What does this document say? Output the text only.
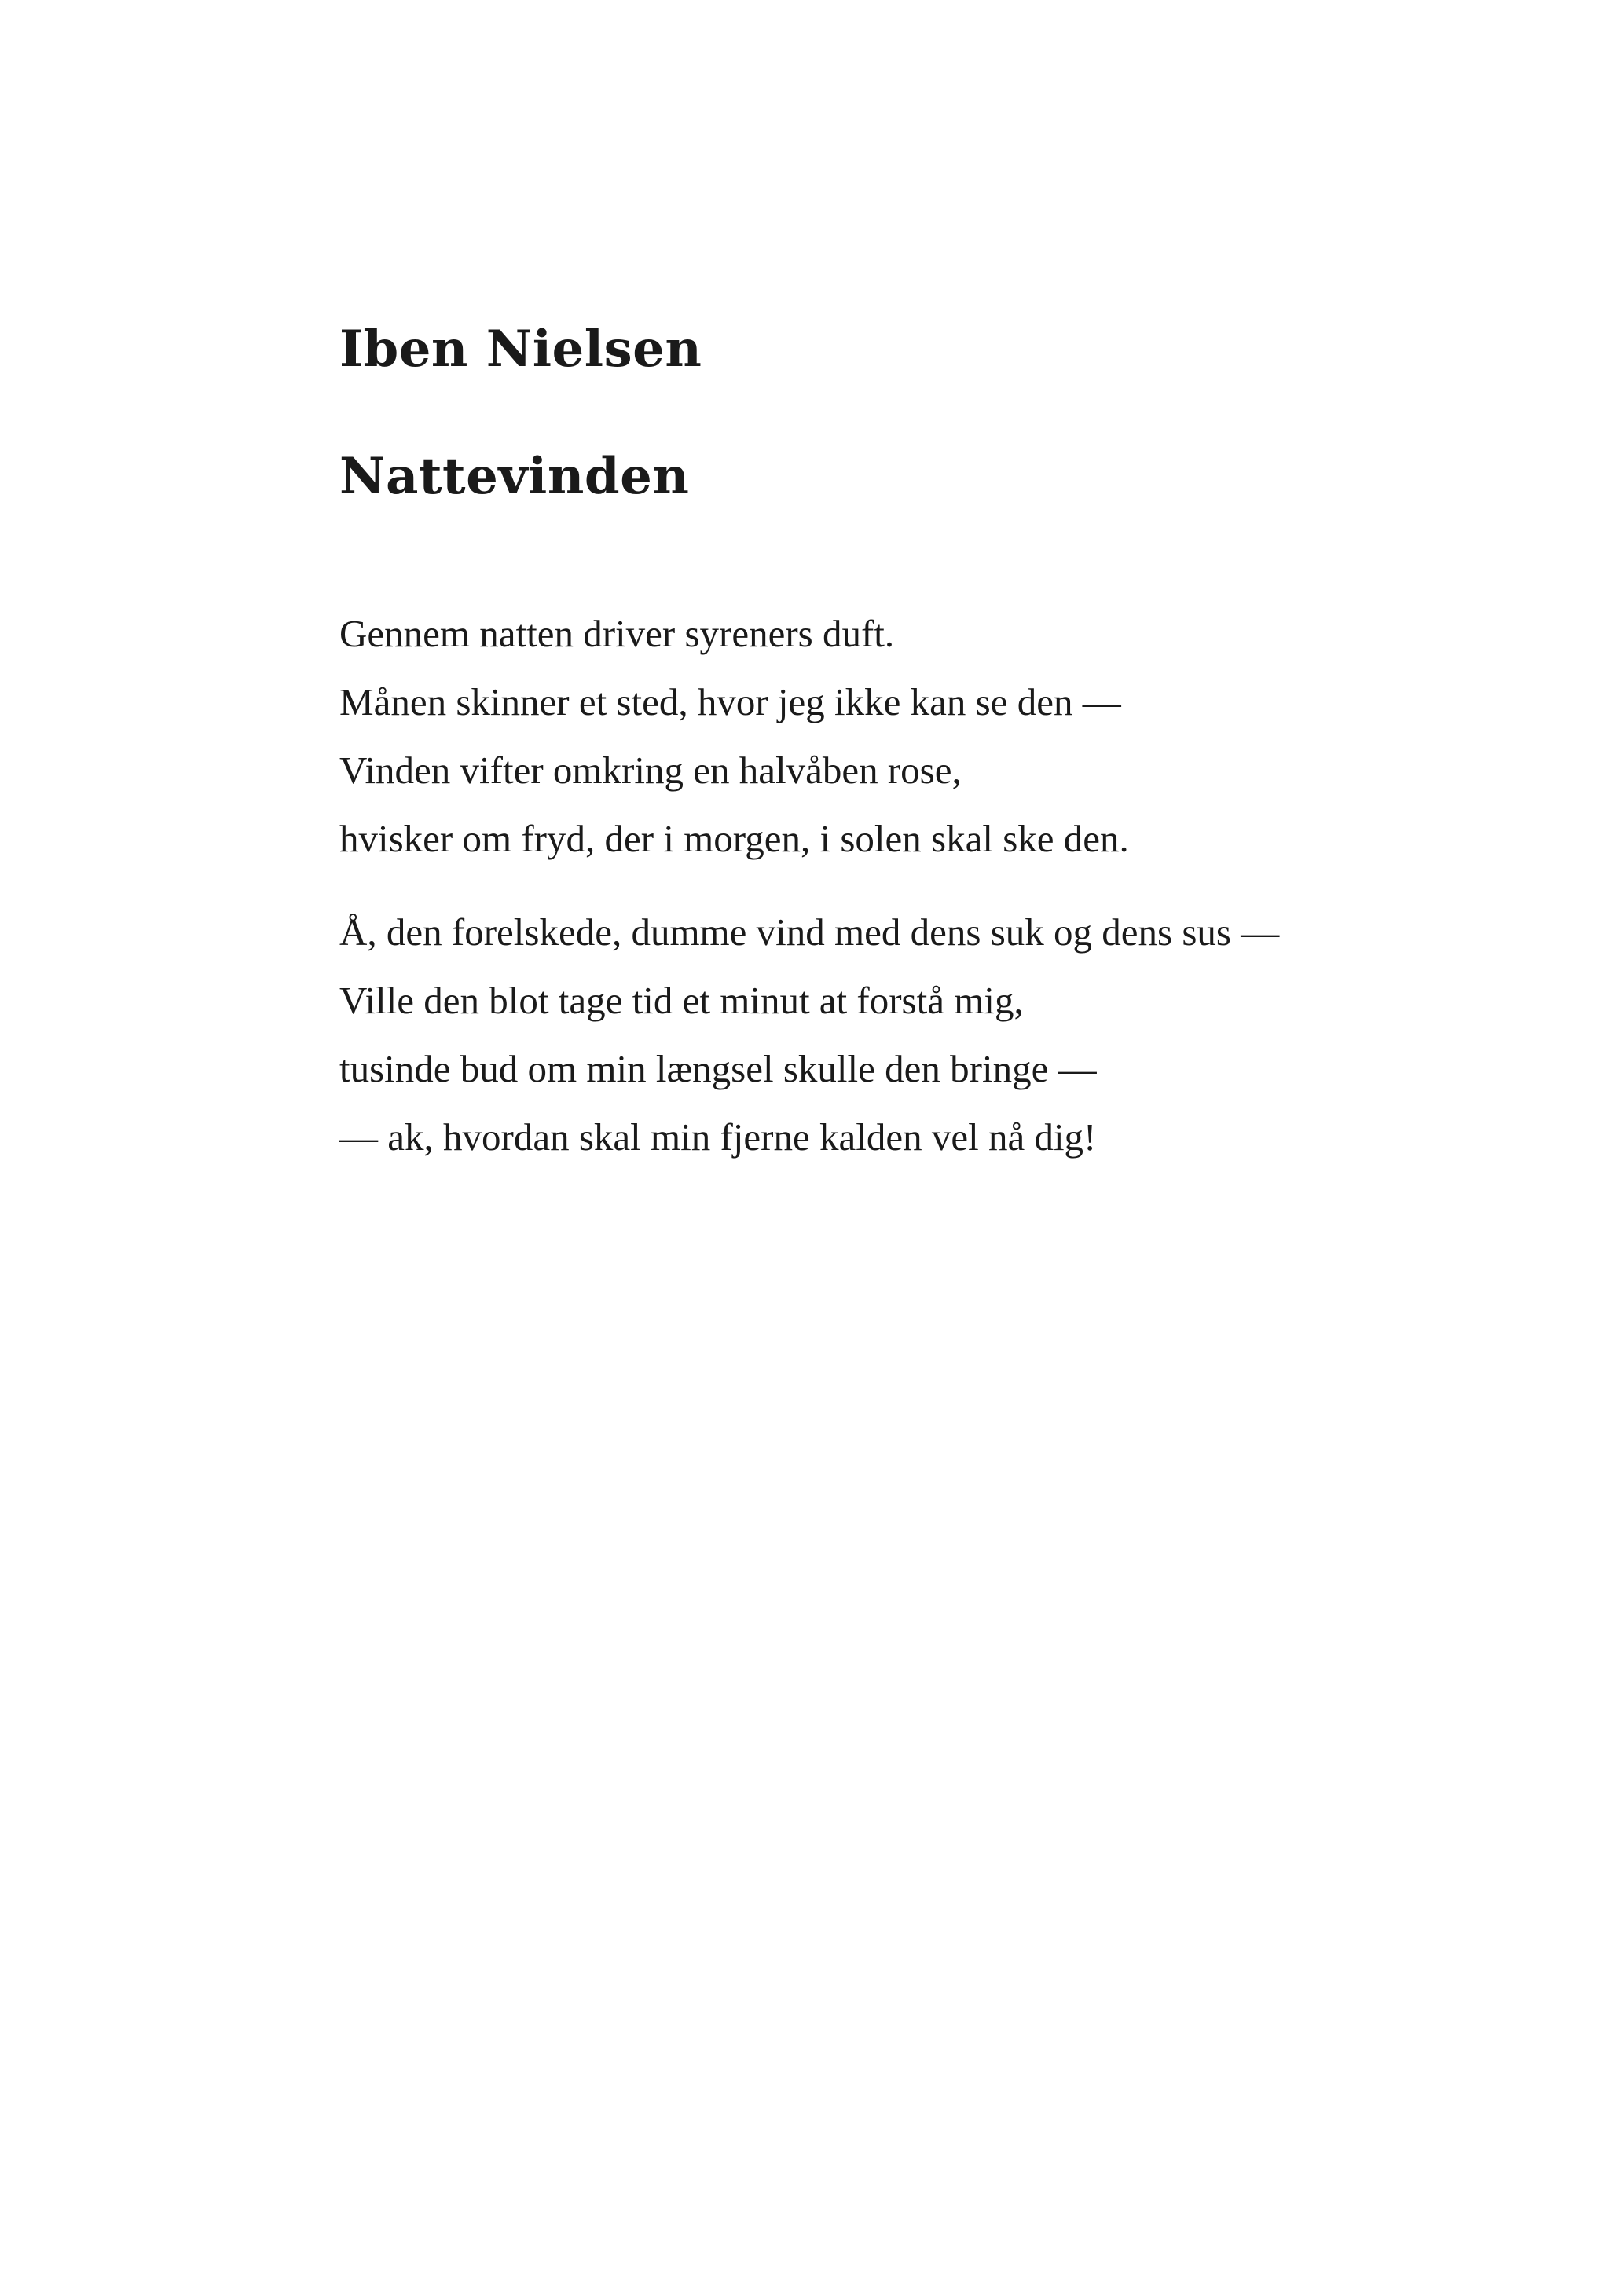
Iben Nielsen
Nattevinden
Gennem natten driver syreners duft.
Månen skinner et sted, hvor jeg ikke kan se den —
Vinden vifter omkring en halvåben rose,
hvisker om fryd, der i morgen, i solen skal ske den.
Å, den forelskede, dumme vind med dens suk og dens sus —
Ville den blot tage tid et minut at forstå mig,
tusinde bud om min længsel skulle den bringe —
— ak, hvordan skal min fjerne kalden vel nå dig!
